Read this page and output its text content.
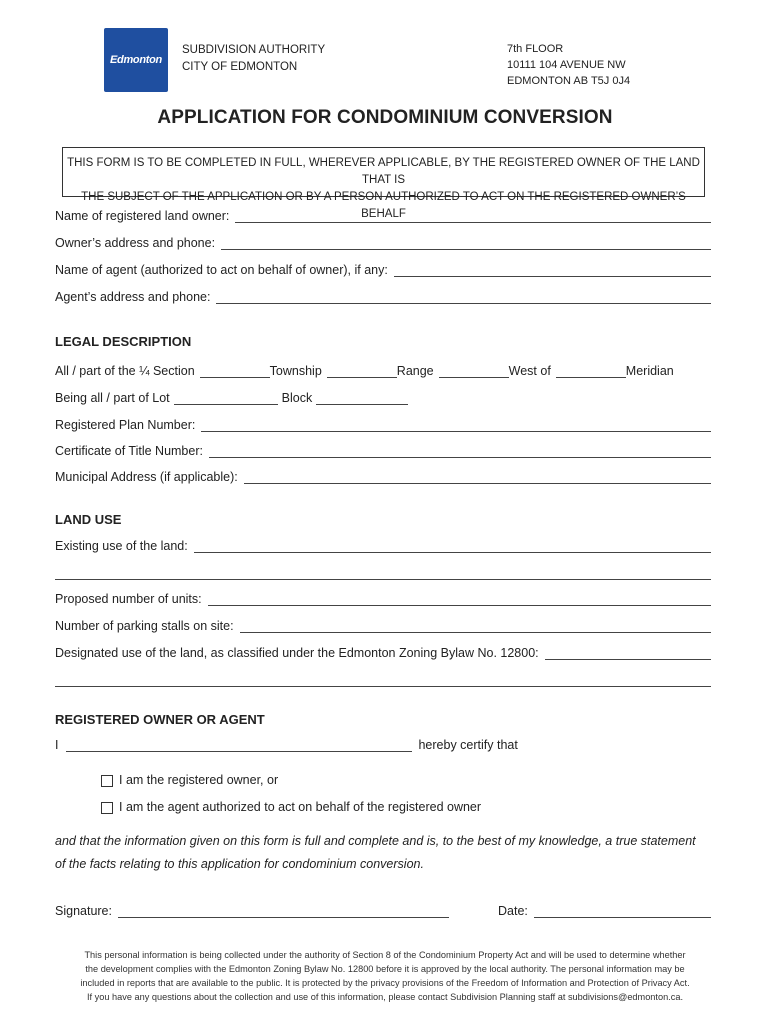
Edmonton
SUBDIVISION AUTHORITY
CITY OF EDMONTON
7th FLOOR
10111 104 AVENUE NW
EDMONTON AB T5J 0J4
APPLICATION FOR CONDOMINIUM CONVERSION
THIS FORM IS TO BE COMPLETED IN FULL, WHEREVER APPLICABLE, BY THE REGISTERED OWNER OF THE LAND THAT IS
THE SUBJECT OF THE APPLICATION OR BY A PERSON AUTHORIZED TO ACT ON THE REGISTERED OWNER’S BEHALF
Name of registered land owner:
Owner’s address and phone:
Name of agent (authorized to act on behalf of owner), if any:
Agent’s address and phone:
LEGAL DESCRIPTION
All / part of the ¼ Section	Township	Range	West of	Meridian
Being all / part of Lot	Block
Registered Plan Number:
Certificate of Title Number:
Municipal Address (if applicable):
LAND USE
Existing use of the land:
Proposed number of units:
Number of parking stalls on site:
Designated use of the land, as classified under the Edmonton Zoning Bylaw No. 12800:
REGISTERED OWNER OR AGENT
I	hereby certify that
I am the registered owner, or
I am the agent authorized to act on behalf of the registered owner
and that the information given on this form is full and complete and is, to the best of my knowledge, a true statement
of the facts relating to this application for condominium conversion.
Signature:	Date:
This personal information is being collected under the authority of Section 8 of the Condominium Property Act and will be used to determine whether
the development complies with the Edmonton Zoning Bylaw No. 12800 before it is approved by the local authority. The personal information may be
included in reports that are available to the public. It is protected by the privacy provisions of the Freedom of Information and Protection of Privacy Act.
If you have any questions about the collection and use of this information, please contact Subdivision Planning staff at subdivisions@edmonton.ca.
